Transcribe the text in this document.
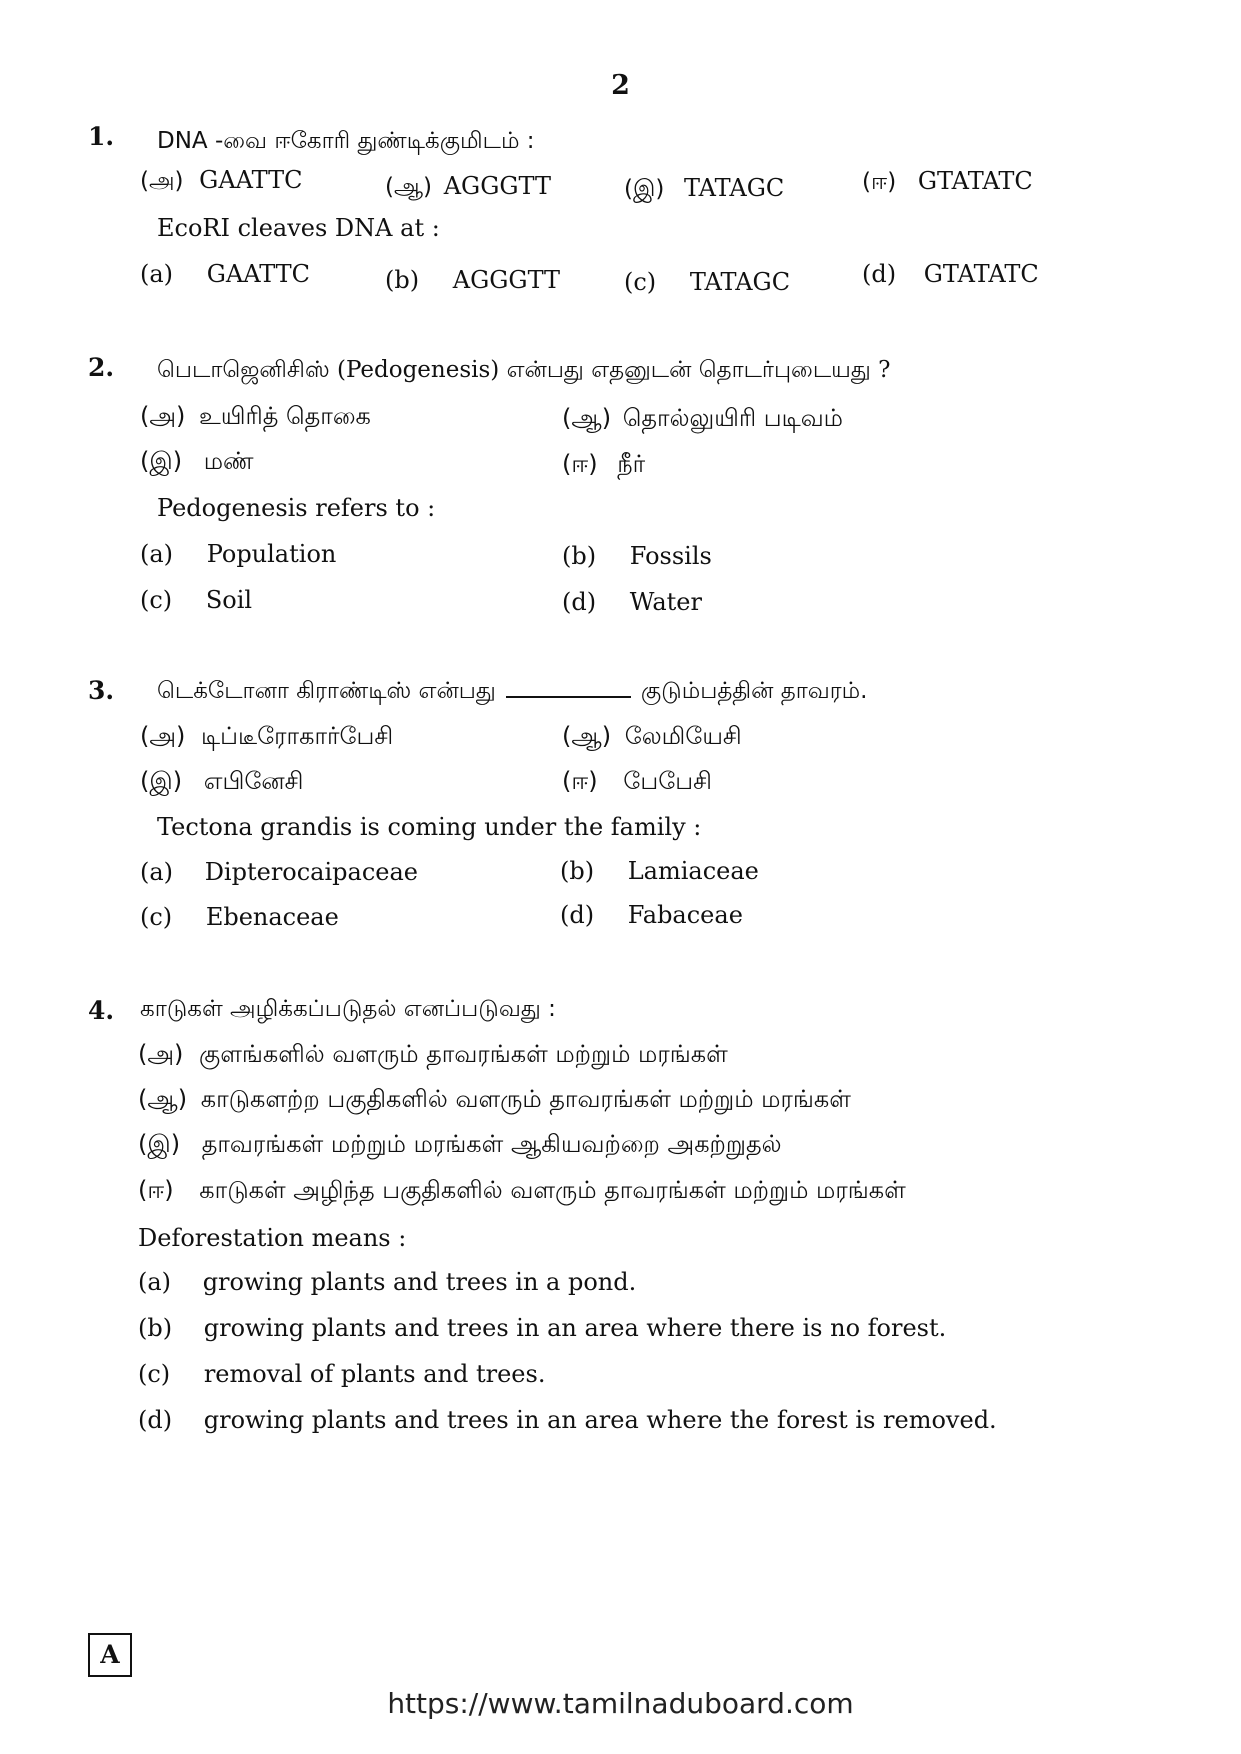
2
1. DNA -வை ஈகோரி துண்டிக்குமிடம் :
(அ) GAATTC	(ஆ) AGGGTT	(இ) TATAGC	(ஈ) GTATATC
EcoRI cleaves DNA at :
(a) GAATTC	(b) AGGGTT	(c) TATAGC	(d) GTATATC
2. பெடாஜெனிசிஸ் (Pedogenesis) என்பது எதனுடன் தொடர்புடையது ?
(அ) உயிரித் தொகை	(ஆ) தொல்லுயிரி படிவம்
(இ) மண்	(ஈ) நீர்
Pedogenesis refers to :
(a) Population	(b) Fossils
(c) Soil	(d) Water
3. டெக்டோனா கிராண்டிஸ் என்பது	குடும்பத்தின் தாவரம்.
(அ) டிப்டீரோகார்பேசி	(ஆ) லேமியேசி
(இ) எபினேசி	(ஈ) பேபேசி
Tectona grandis is coming under the family :
(a) Dipterocaipaceae	(b) Lamiaceae
(c) Ebenaceae	(d) Fabaceae
4. காடுகள் அழிக்கப்படுதல் எனப்படுவது :
(அ) குளங்களில் வளரும் தாவரங்கள் மற்றும் மரங்கள்
(ஆ) காடுகளற்ற பகுதிகளில் வளரும் தாவரங்கள் மற்றும் மரங்கள்
(இ) தாவரங்கள் மற்றும் மரங்கள் ஆகியவற்றை அகற்றுதல்
(ஈ) காடுகள் அழிந்த பகுதிகளில் வளரும் தாவரங்கள் மற்றும் மரங்கள்
Deforestation means :
(a) growing plants and trees in a pond.
(b) growing plants and trees in an area where there is no forest.
(c) removal of plants and trees.
(d) growing plants and trees in an area where the forest is removed.
A
https://www.tamilnaduboard.com
